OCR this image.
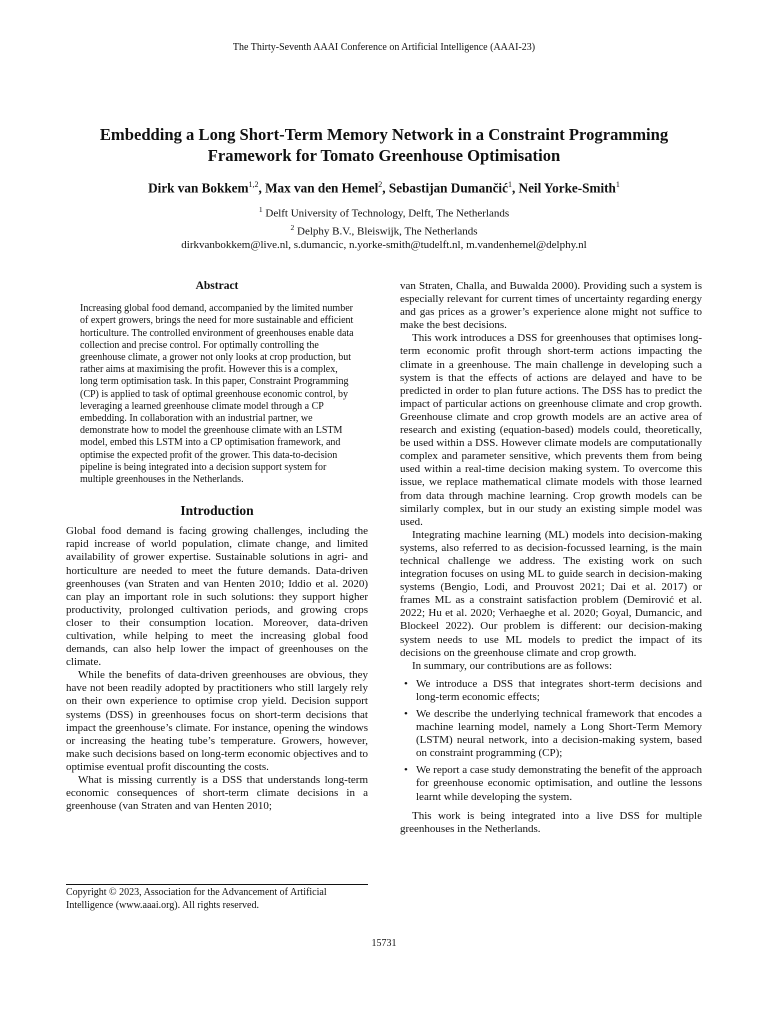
The Thirty-Seventh AAAI Conference on Artificial Intelligence (AAAI-23)
Embedding a Long Short-Term Memory Network in a Constraint Programming
Framework for Tomato Greenhouse Optimisation
Dirk van Bokkem$^{1,2}$, Max van den Hemel$^2$, Sebastijan Dumančić$^1$, Neil Yorke-Smith$^1$
$^1$ Delft University of Technology, Delft, The Netherlands
$^2$ Delphy B.V., Bleiswijk, The Netherlands
dirkvanbokkem@live.nl, s.dumancic, n.yorke-smith@tudelft.nl, m.vandenhemel@delphy.nl
Abstract

Increasing global food demand, accompanied by the limited number of expert growers, brings the need for more sustainable and efficient horticulture. The controlled environment of greenhouses enable data collection and precise control. For optimally controlling the greenhouse climate, a grower not only looks at crop production, but rather aims at maximising the profit. However this is a complex, long term optimisation task. In this paper, Constraint Programming (CP) is applied to task of optimal greenhouse economic control, by leveraging a learned greenhouse climate model through a CP embedding. In collaboration with an industrial partner, we demonstrate how to model the greenhouse climate with an LSTM model, embed this LSTM into a CP optimisation framework, and optimise the expected profit of the grower. This data-to-decision pipeline is being integrated into a decision support system for multiple greenhouses in the Netherlands.

Introduction

Global food demand is facing growing challenges, including the rapid increase of world population, climate change, and limited availability of grower expertise. Sustainable solutions in agri- and horticulture are needed to meet the future demands. Data-driven greenhouses (van Straten and van Henten 2010; Iddio et al. 2020) can play an important role in such solutions: they support higher productivity, prolonged cultivation periods, and growing crops closer to their consumption location. Moreover, data-driven cultivation, while helping to meet the increasing global food demands, can also help lower the impact of greenhouses on the climate.

While the benefits of data-driven greenhouses are obvious, they have not been readily adopted by practitioners who still largely rely on their own experience to optimise crop yield. Decision support systems (DSS) in greenhouses focus on short-term decisions that impact the greenhouse’s climate. For instance, opening the windows or increasing the heating tube’s temperature. Growers, however, make such decisions based on long-term economic objectives and to optimise eventual profit discounting the costs.

What is missing currently is a DSS that understands long-term economic consequences of short-term climate decisions in a greenhouse (van Straten and van Henten 2010;

van Straten, Challa, and Buwalda 2000). Providing such a system is especially relevant for current times of uncertainty regarding energy and gas prices as a grower’s experience alone might not suffice to make the best decisions.

This work introduces a DSS for greenhouses that optimises long-term economic profit through short-term actions impacting the climate in a greenhouse. The main challenge in developing such a system is that the effects of actions are delayed and have to be predicted in order to plan future actions. The DSS has to predict the impact of particular actions on greenhouse climate and crop growth. Greenhouse climate and crop growth models are an active area of research and existing (equation-based) models could, theoretically, be used within a DSS. However climate models are computationally complex and parameter sensitive, which prevents them from being used within a real-time decision making system. To overcome this issue, we replace mathematical climate models with those learned from data through machine learning. Crop growth models can be similarly complex, but in our study an existing simple model was used.

Integrating machine learning (ML) models into decision-making systems, also referred to as decision-focussed learning, is the main technical challenge we address. The existing work on such integration focuses on using ML to guide search in decision-making systems (Bengio, Lodi, and Prouvost 2021; Dai et al. 2017) or frames ML as a constraint satisfaction problem (Demirović et al. 2022; Hu et al. 2020; Verhaeghe et al. 2020; Goyal, Dumancic, and Blockeel 2022). Our problem is different: our decision-making system needs to use ML models to predict the impact of its decisions on the greenhouse climate and crop growth.

In summary, our contributions are as follows:

• We introduce a DSS that integrates short-term decisions and long-term economic effects;
• We describe the underlying technical framework that encodes a machine learning model, namely a Long Short-Term Memory (LSTM) neural network, into a decision-making system, based on constraint programming (CP);
• We report a case study demonstrating the benefit of the approach for greenhouse economic optimisation, and outline the lessons learnt while developing the system.

This work is being integrated into a live DSS for multiple greenhouses in the Netherlands.

Copyright © 2023, Association for the Advancement of Artificial Intelligence (www.aaai.org). All rights reserved.
15731
